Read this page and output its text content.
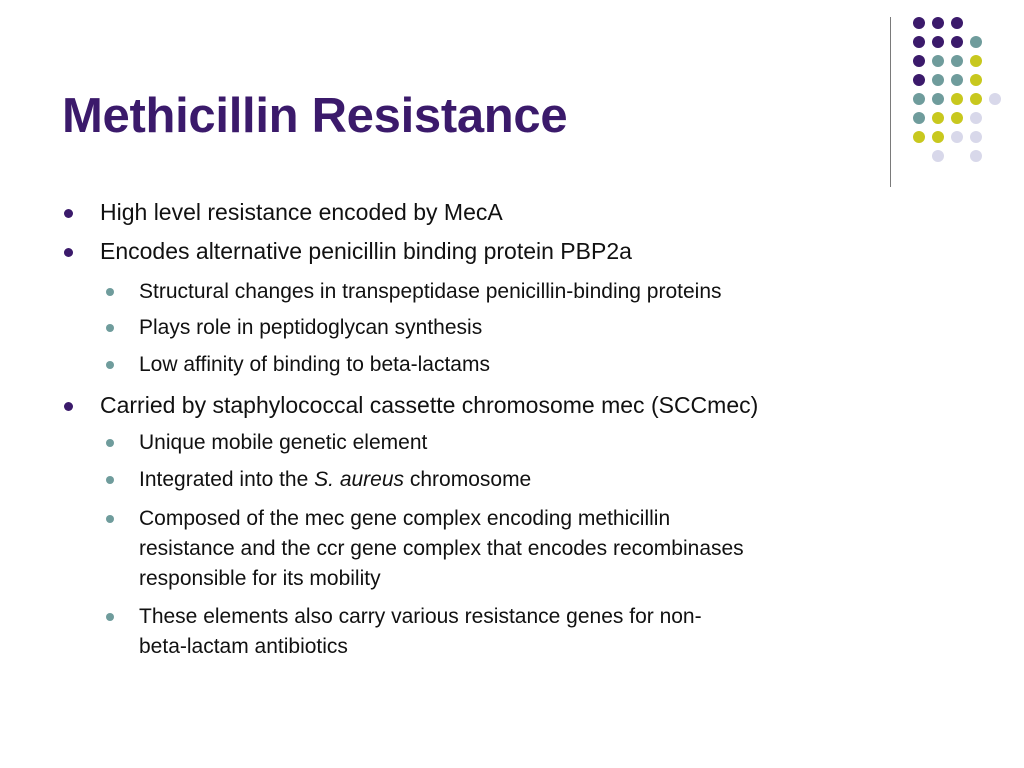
Methicillin Resistance
High level resistance encoded by MecA
Encodes alternative penicillin binding protein PBP2a
Structural changes in transpeptidase penicillin-binding proteins
Plays role in peptidoglycan synthesis
Low affinity of binding to beta-lactams
Carried by staphylococcal cassette chromosome mec (SCCmec)
Unique mobile genetic element
Integrated into the S. aureus chromosome
Composed of the mec gene complex encoding methicillin
resistance and the ccr gene complex that encodes recombinases
responsible for its mobility
These elements also carry various resistance genes for non-
beta-lactam antibiotics
